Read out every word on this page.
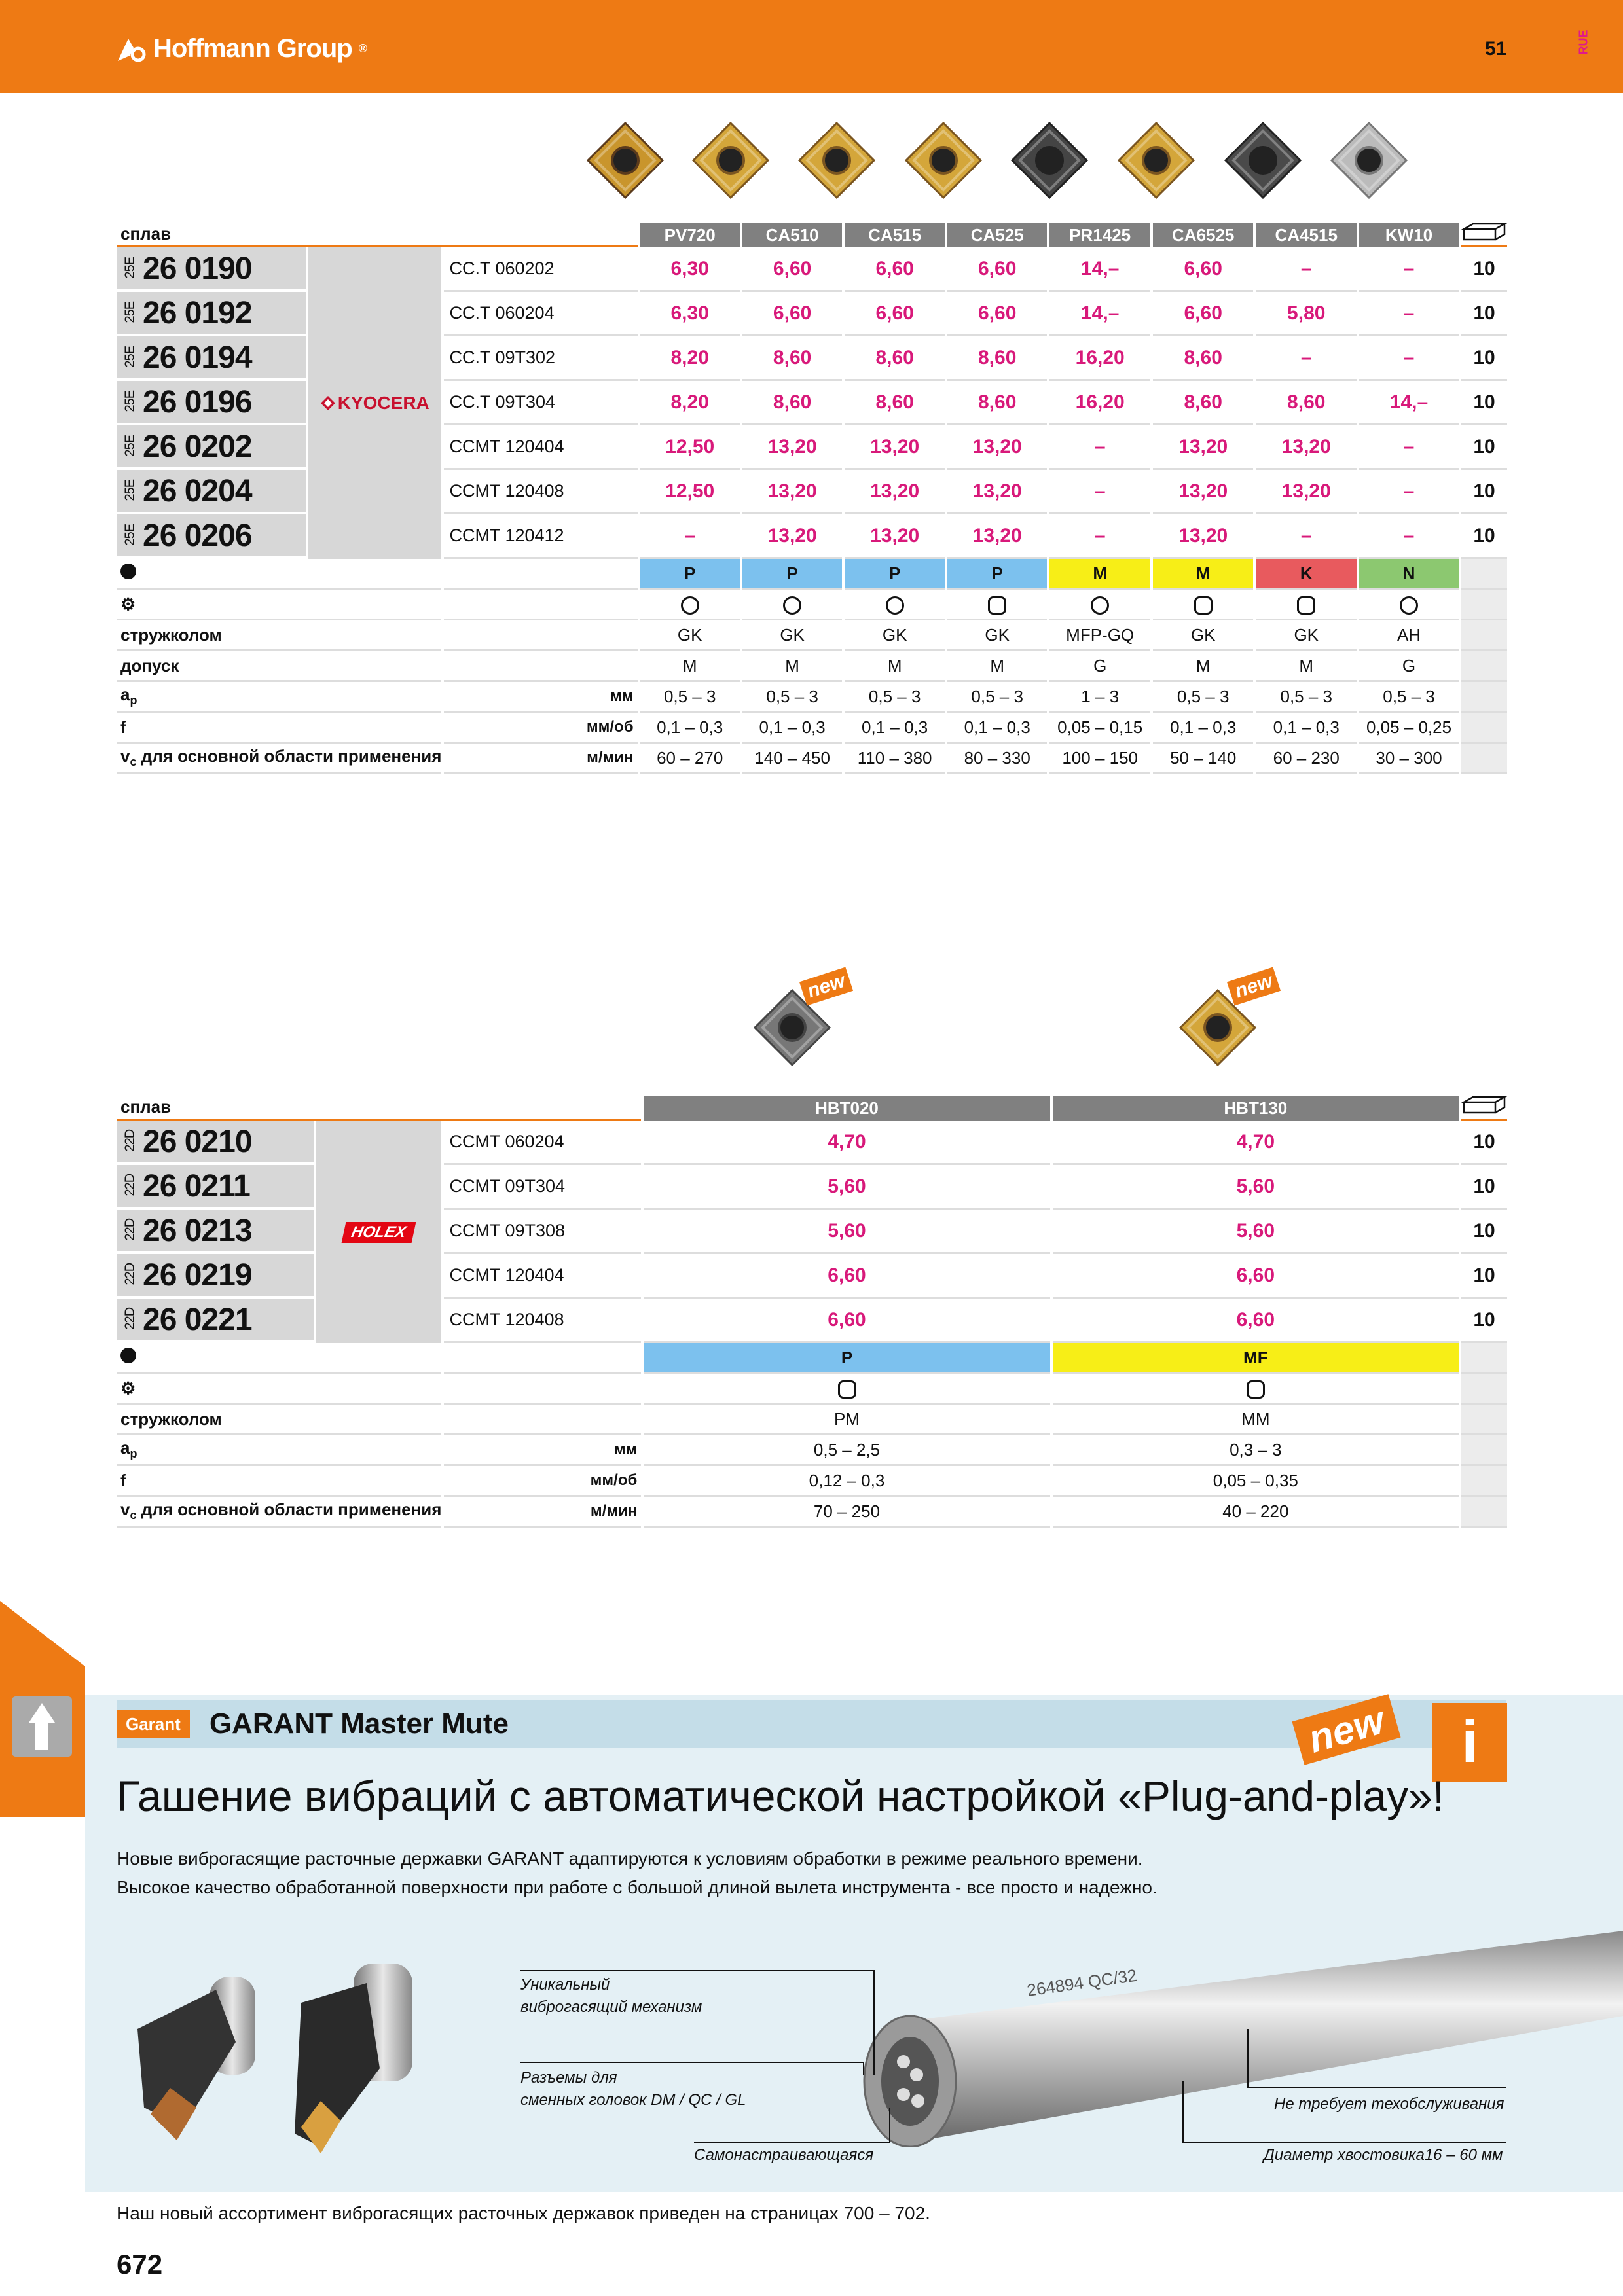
Hoffmann Group ®	51	RUE
сплав			PV720	CA510	CA515	CA525	PR1425	CA6525	CA4515	KW10	
25E 26 0190	KYOCERA	CC.T 060202	6,30	6,60	6,60	6,60	14,–	6,60	–	–	10
25E 26 0192		CC.T 060204	6,30	6,60	6,60	6,60	14,–	6,60	5,80	–	10
25E 26 0194		CC.T 09T302	8,20	8,60	8,60	8,60	16,20	8,60	–	–	10
25E 26 0196		CC.T 09T304	8,20	8,60	8,60	8,60	16,20	8,60	8,60	14,–	10
25E 26 0202		CCMT 120404	12,50	13,20	13,20	13,20	–	13,20	13,20	–	10
25E 26 0204		CCMT 120408	12,50	13,20	13,20	13,20	–	13,20	13,20	–	10
25E 26 0206		CCMT 120412	–	13,20	13,20	13,20	–	13,20	–	–	10
			P	P	P	P	M	M	K	N	
⚙											
стружколом			GK	GK	GK	GK	MFP-GQ	GK	GK	AH	
допуск			M	M	M	M	G	M	M	G	
$a_p$		мм	0,5 – 3	0,5 – 3	0,5 – 3	0,5 – 3	1 – 3	0,5 – 3	0,5 – 3	0,5 – 3	
f		мм/об	0,1 – 0,3	0,1 – 0,3	0,1 – 0,3	0,1 – 0,3	0,05 – 0,15	0,1 – 0,3	0,1 – 0,3	0,05 – 0,25	
$v_c$ для основной области применения		м/мин	60 – 270	140 – 450	110 – 380	80 – 330	100 – 150	50 – 140	60 – 230	30 – 300	
new	new
сплав			HBT020	HBT130	
22D 26 0210	HOLEX	CCMT 060204	4,70	4,70	10
22D 26 0211		CCMT 09T304	5,60	5,60	10
22D 26 0213		CCMT 09T308	5,60	5,60	10
22D 26 0219		CCMT 120404	6,60	6,60	10
22D 26 0221		CCMT 120408	6,60	6,60	10
			P	MF	
⚙					
стружколом			PM	MM	
$a_p$		мм	0,5 – 2,5	0,3 – 3	
f		мм/об	0,12 – 0,3	0,05 – 0,35	
$v_c$ для основной области применения		м/мин	70 – 250	40 – 220	
Garant	GARANT Master Mute	new	i
Гашение вибраций с автоматической настройкой «Plug-and-play»!
Новые виброгасящие расточные державки GARANT адаптируются к условиям обработки в режиме реального времени.
Высокое качество обработанной поверхности при работе с большой длиной вылета инструмента - все просто и надежно.
264894 QC/32
Уникальный
виброгасящий механизм
Разъемы для
сменных головок DM / QC / GL
Самонастраивающаяся
Не требует техобслуживания
Диаметр хвостовика16 – 60 мм
Наш новый ассортимент виброгасящих расточных державок приведен на страницах 700 – 702.
672
